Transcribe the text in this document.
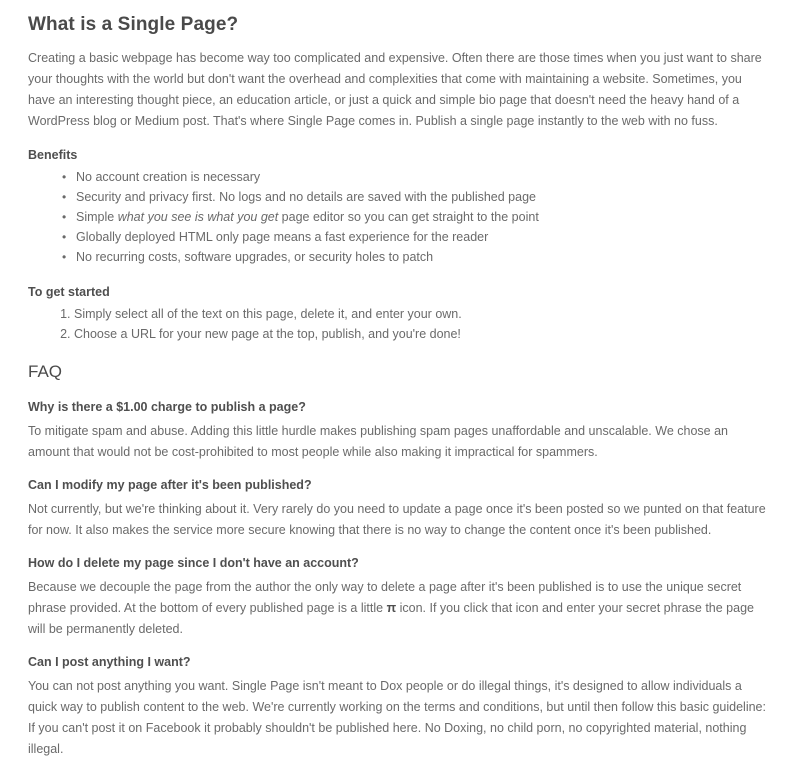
What is a Single Page?

Creating a basic webpage has become way too complicated and expensive. Often there are those times when you just want to share your thoughts with the world but don't want the overhead and complexities that come with maintaining a website. Sometimes, you have an interesting thought piece, an education article, or just a quick and simple bio page that doesn't need the heavy hand of a WordPress blog or Medium post. That's where Single Page comes in. Publish a single page instantly to the web with no fuss.

Benefits
• No account creation is necessary
• Security and privacy first. No logs and no details are saved with the published page
• Simple what you see is what you get page editor so you can get straight to the point
• Globally deployed HTML only page means a fast experience for the reader
• No recurring costs, software upgrades, or security holes to patch
To get started
1. Simply select all of the text on this page, delete it, and enter your own.
2. Choose a URL for your new page at the top, publish, and you're done!
FAQ

Why is there a $1.00 charge to publish a page?

To mitigate spam and abuse. Adding this little hurdle makes publishing spam pages unaffordable and unscalable. We chose an amount that would not be cost-prohibited to most people while also making it impractical for spammers.

Can I modify my page after it's been published?

Not currently, but we're thinking about it. Very rarely do you need to update a page once it's been posted so we punted on that feature for now. It also makes the service more secure knowing that there is no way to change the content once it's been published.

How do I delete my page since I don't have an account?

Because we decouple the page from the author the only way to delete a page after it's been published is to use the unique secret phrase provided. At the bottom of every published page is a little π icon. If you click that icon and enter your secret phrase the page will be permanently deleted.

Can I post anything I want?

You can not post anything you want. Single Page isn't meant to Dox people or do illegal things, it's designed to allow individuals a quick way to publish content to the web. We're currently working on the terms and conditions, but until then follow this basic guideline: If you can't post it on Facebook it probably shouldn't be published here. No Doxing, no child porn, no copyrighted material, nothing illegal.
